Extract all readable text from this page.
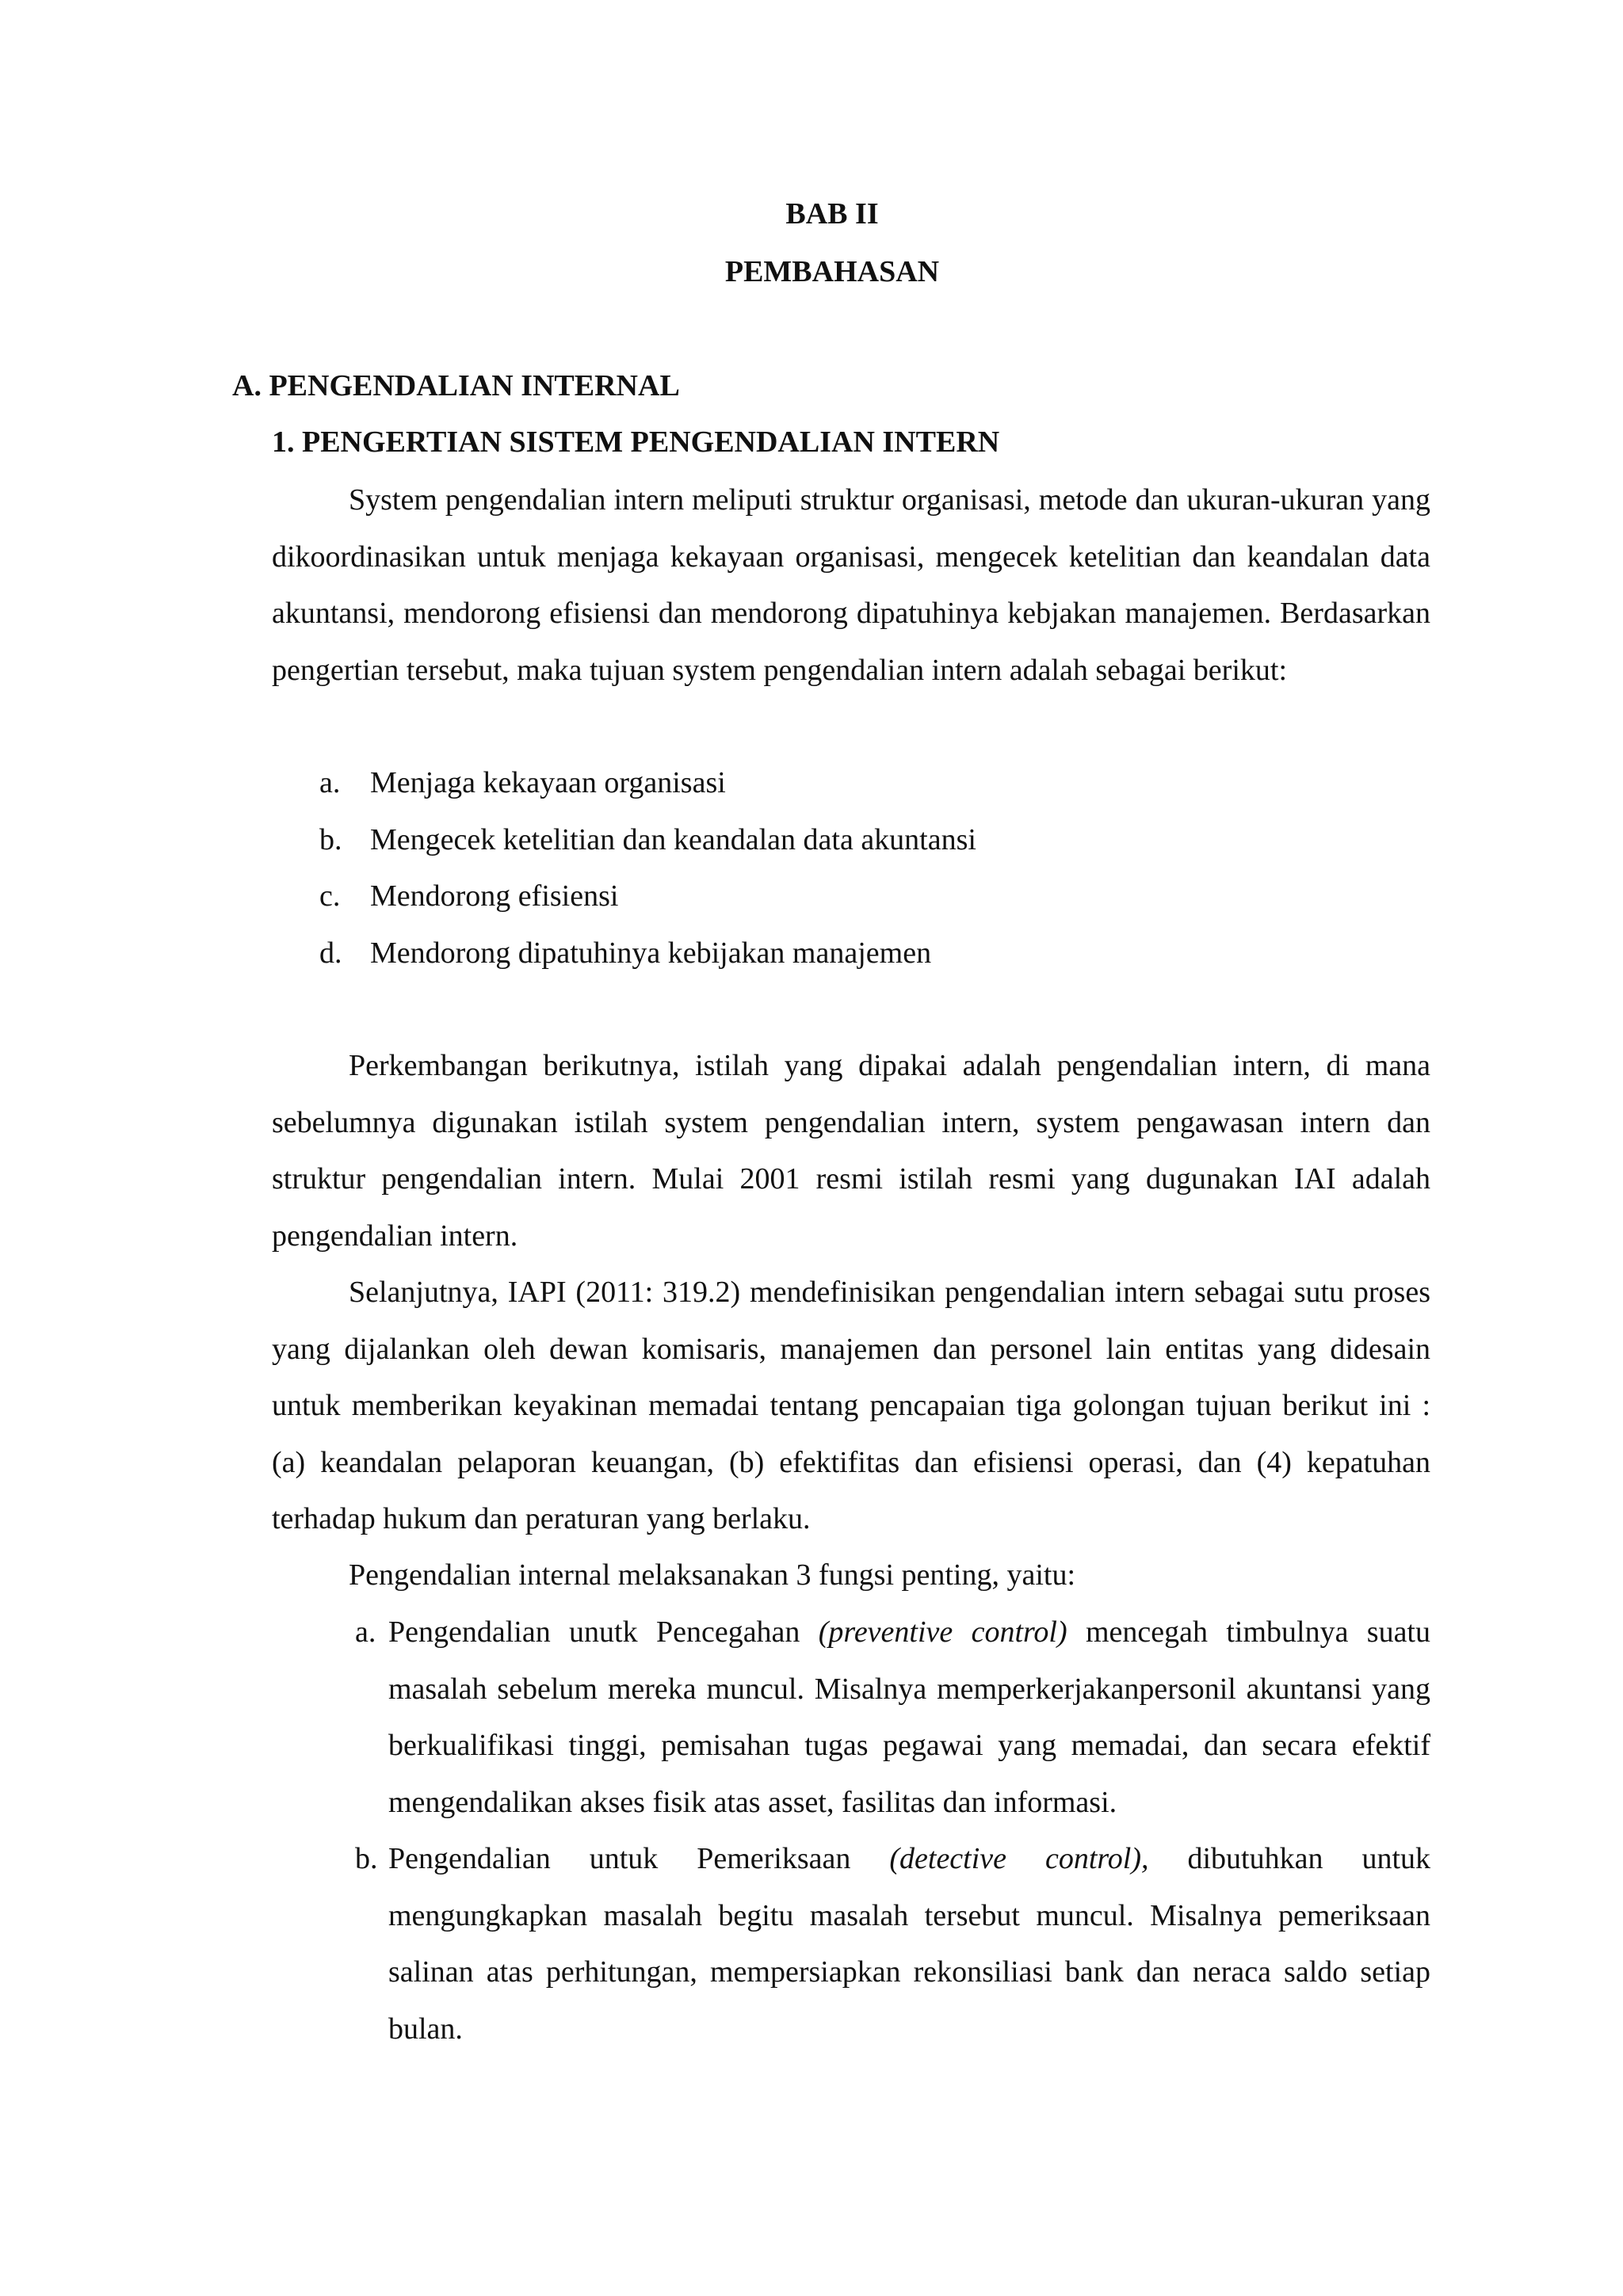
BAB II
PEMBAHASAN
A. PENGENDALIAN INTERNAL
1. PENGERTIAN SISTEM PENGENDALIAN INTERN

System pengendalian intern meliputi struktur organisasi, metode dan ukuran-ukuran yang dikoordinasikan untuk menjaga kekayaan organisasi, mengecek ketelitian dan keandalan data akuntansi, mendorong efisiensi dan mendorong dipatuhinya kebjakan manajemen. Berdasarkan pengertian tersebut, maka tujuan system pengendalian intern adalah sebagai berikut:

a. Menjaga kekayaan organisasi
b. Mengecek ketelitian dan keandalan data akuntansi
c. Mendorong efisiensi
d. Mendorong dipatuhinya kebijakan manajemen

Perkembangan berikutnya, istilah yang dipakai adalah pengendalian intern, di mana sebelumnya digunakan istilah system pengendalian intern, system pengawasan intern dan struktur pengendalian intern. Mulai 2001 resmi istilah resmi yang dugunakan IAI adalah pengendalian intern.

Selanjutnya, IAPI (2011: 319.2) mendefinisikan pengendalian intern sebagai sutu proses yang dijalankan oleh dewan komisaris, manajemen dan personel lain entitas yang didesain untuk memberikan keyakinan memadai tentang pencapaian tiga golongan tujuan berikut ini : (a) keandalan pelaporan keuangan, (b) efektifitas dan efisiensi operasi, dan (4) kepatuhan terhadap hukum dan peraturan yang berlaku.

Pengendalian internal melaksanakan 3 fungsi penting, yaitu:

a. Pengendalian unutk Pencegahan (preventive control) mencegah timbulnya suatu masalah sebelum mereka muncul. Misalnya memperkerjakanpersonil akuntansi yang berkualifikasi tinggi, pemisahan tugas pegawai yang memadai, dan secara efektif mengendalikan akses fisik atas asset, fasilitas dan informasi.
b. Pengendalian untuk Pemeriksaan (detective control), dibutuhkan untuk mengungkapkan masalah begitu masalah tersebut muncul. Misalnya pemeriksaan salinan atas perhitungan, mempersiapkan rekonsiliasi bank dan neraca saldo setiap bulan.
